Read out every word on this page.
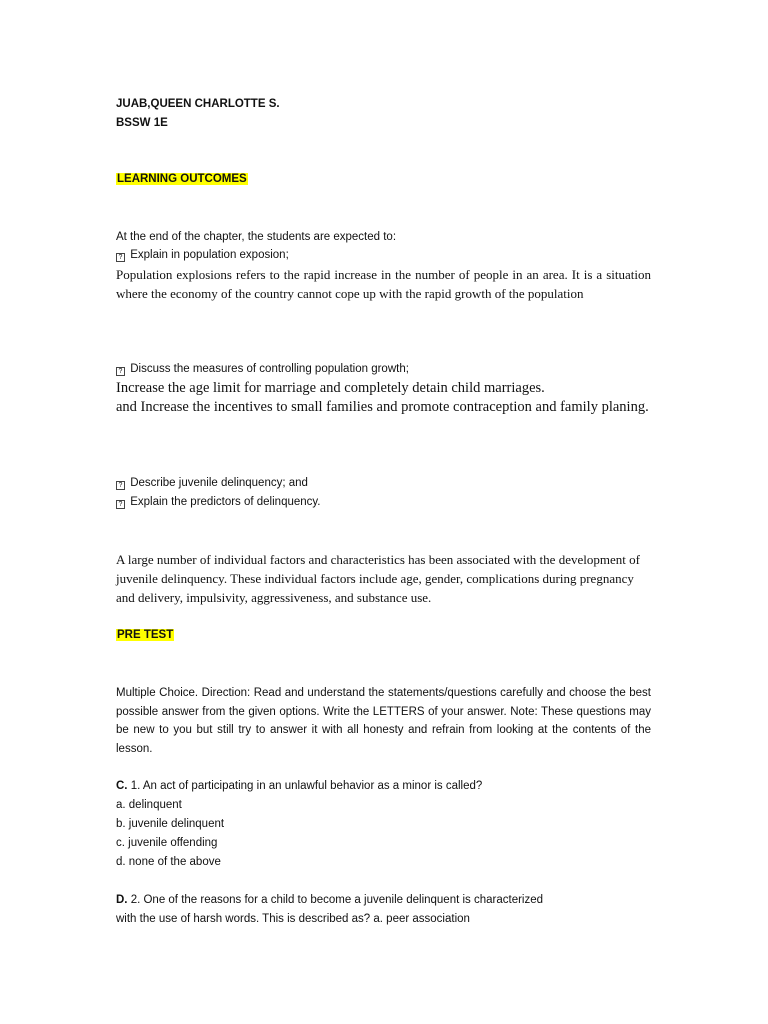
JUAB,QUEEN CHARLOTTE S.
BSSW 1E
LEARNING OUTCOMES
At the end of the chapter, the students are expected to:
? Explain in population exposion;
Population explosions refers to the rapid increase in the number of people in an area. It is a situation where the economy of the country cannot cope up with the rapid growth of the population
? Discuss the measures of controlling population growth;
Increase the age limit for marriage and completely detain child marriages.
and Increase the incentives to small families and promote contraception and family planing.
? Describe juvenile delinquency; and
? Explain the predictors of delinquency.
A large number of individual factors and characteristics has been associated with the development of juvenile delinquency. These individual factors include age, gender, complications during pregnancy and delivery, impulsivity, aggressiveness, and substance use.
PRE TEST
Multiple Choice. Direction: Read and understand the statements/questions carefully and choose the best possible answer from the given options. Write the LETTERS of your answer. Note: These questions may be new to you but still try to answer it with all honesty and refrain from looking at the contents of the lesson.
C. 1. An act of participating in an unlawful behavior as a minor is called?
a. delinquent
b. juvenile delinquent
c. juvenile offending
d. none of the above
D. 2. One of the reasons for a child to become a juvenile delinquent is characterized
with the use of harsh words. This is described as? a. peer association
